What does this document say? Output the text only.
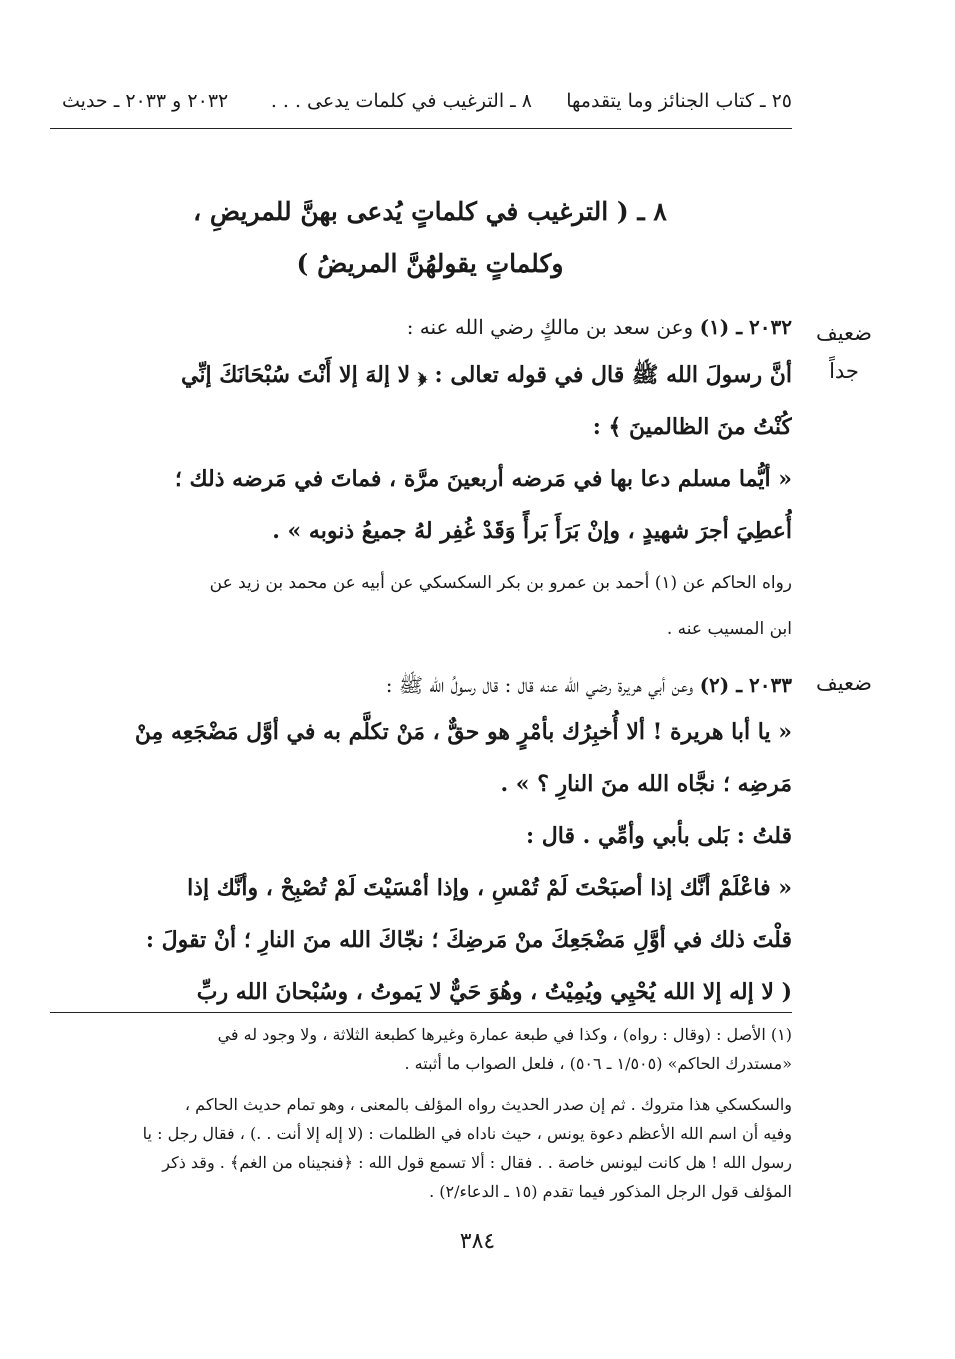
٢٥ ـ كتاب الجنائز وما يتقدمها
٨ ـ الترغيب في كلمات يدعى . . .
٢٠٣٢ و ٢٠٣٣ ـ حديث
٨ ـ ( الترغيب في كلماتٍ يُدعى بهنَّ للمريضِ ،
وكلماتٍ يقولهُنَّ المريضُ )
ضعيف
جداً
٢٠٣٢ ـ (١) وعن سعد بن مالكٍ رضي الله عنه :
أنَّ رسولَ الله ﷺ قال في قوله تعالى : ﴿ لا إلهَ إلا أَنْتَ سُبْحَانَكَ إنِّي
كُنْتُ منَ الظالمينَ ﴾ :
« أيُّما مسلم دعا بها في مَرضه أربعينَ مرَّة ، فماتَ في مَرضه ذلك ؛
أُعطِيَ أجرَ شهيدٍ ، وإنْ بَرَأَ بَرأً وَقَدْ غُفِر لهُ جميعُ ذنوبه » .
رواه الحاكم عن (١) أحمد بن عمرو بن بكر السكسكي عن أبيه عن محمد بن زيد عن
ابن المسيب عنه .
ضعيف
٢٠٣٣ ـ (٢) وعن أبي هريرة رضي الله عنه قال : قال رسولُ الله ﷺ :
« يا أبا هريرة ! ألا أُخبِرُك بأمْرٍ هو حقٌّ ، مَنْ تكلَّم به في أوَّل مَضْجَعِه مِنْ
مَرضِه ؛ نجَّاه الله منَ النارِ ؟ » .
قلتُ : بَلى بأبي وأمِّي . قال :
« فاعْلَمْ أنَّك إذا أصبَحْتَ لَمْ تُمْسِ ، وإذا أمْسَيْتَ لَمْ تُصْبِحْ ، وأنَّك إذا
قلْتَ ذلك في أوَّلِ مَضْجَعِكَ منْ مَرضِكَ ؛ نجّاكَ الله منَ النارِ ؛ أنْ تقولَ :
( لا إله إلا الله يُحْيِي ويُمِيْتُ ، وهُوَ حَيٌّ لا يَموتُ ، وسُبْحانَ الله ربِّ
(١) الأصل : (وقال : رواه) ، وكذا في طبعة عمارة وغيرها كطبعة الثلاثة ، ولا وجود له في
«مستدرك الحاكم» (١/٥٠٥ ـ ٥٠٦) ، فلعل الصواب ما أثبته .
والسكسكي هذا متروك . ثم إن صدر الحديث رواه المؤلف بالمعنى ، وهو تمام حديث الحاكم ،
وفيه أن اسم الله الأعظم دعوة يونس ، حيث ناداه في الظلمات : (لا إله إلا أنت . .) ، فقال رجل : يا
رسول الله ! هل كانت ليونس خاصة . . فقال : ألا تسمع قول الله : ﴿فنجيناه من الغم﴾ . وقد ذكر
المؤلف قول الرجل المذكور فيما تقدم (١٥ ـ الدعاء/٢) .
٣٨٤
